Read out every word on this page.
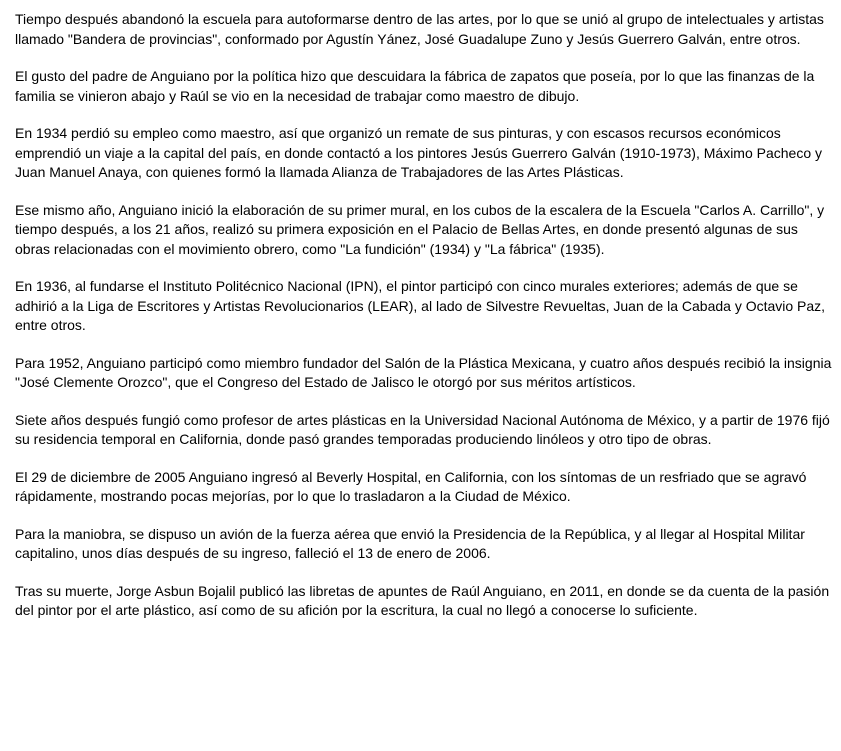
Tiempo después abandonó la escuela para autoformarse dentro de las artes, por lo que se unió al grupo de intelectuales y artistas llamado "Bandera de provincias", conformado por Agustín Yánez, José Guadalupe Zuno y Jesús Guerrero Galván, entre otros.

El gusto del padre de Anguiano por la política hizo que descuidara la fábrica de zapatos que poseía, por lo que las finanzas de la familia se vinieron abajo y Raúl se vio en la necesidad de trabajar como maestro de dibujo.

En 1934 perdió su empleo como maestro, así que organizó un remate de sus pinturas, y con escasos recursos económicos emprendió un viaje a la capital del país, en donde contactó a los pintores Jesús Guerrero Galván (1910-1973), Máximo Pacheco y Juan Manuel Anaya, con quienes formó la llamada Alianza de Trabajadores de las Artes Plásticas.

Ese mismo año, Anguiano inició la elaboración de su primer mural, en los cubos de la escalera de la Escuela "Carlos A. Carrillo", y tiempo después, a los 21 años, realizó su primera exposición en el Palacio de Bellas Artes, en donde presentó algunas de sus obras relacionadas con el movimiento obrero, como "La fundición" (1934) y "La fábrica" (1935).

En 1936, al fundarse el Instituto Politécnico Nacional (IPN), el pintor participó con cinco murales exteriores; además de que se adhirió a la Liga de Escritores y Artistas Revolucionarios (LEAR), al lado de Silvestre Revueltas, Juan de la Cabada y Octavio Paz, entre otros.

Para 1952, Anguiano participó como miembro fundador del Salón de la Plástica Mexicana, y cuatro años después recibió la insignia "José Clemente Orozco", que el Congreso del Estado de Jalisco le otorgó por sus méritos artísticos.

Siete años después fungió como profesor de artes plásticas en la Universidad Nacional Autónoma de México, y a partir de 1976 fijó su residencia temporal en California, donde pasó grandes temporadas produciendo linóleos y otro tipo de obras.

El 29 de diciembre de 2005 Anguiano ingresó al Beverly Hospital, en California, con los síntomas de un resfriado que se agravó rápidamente, mostrando pocas mejorías, por lo que lo trasladaron a la Ciudad de México.

Para la maniobra, se dispuso un avión de la fuerza aérea que envió la Presidencia de la República, y al llegar al Hospital Militar capitalino, unos días después de su ingreso, falleció el 13 de enero de 2006.

Tras su muerte, Jorge Asbun Bojalil publicó las libretas de apuntes de Raúl Anguiano, en 2011, en donde se da cuenta de la pasión del pintor por el arte plástico, así como de su afición por la escritura, la cual no llegó a conocerse lo suficiente.
